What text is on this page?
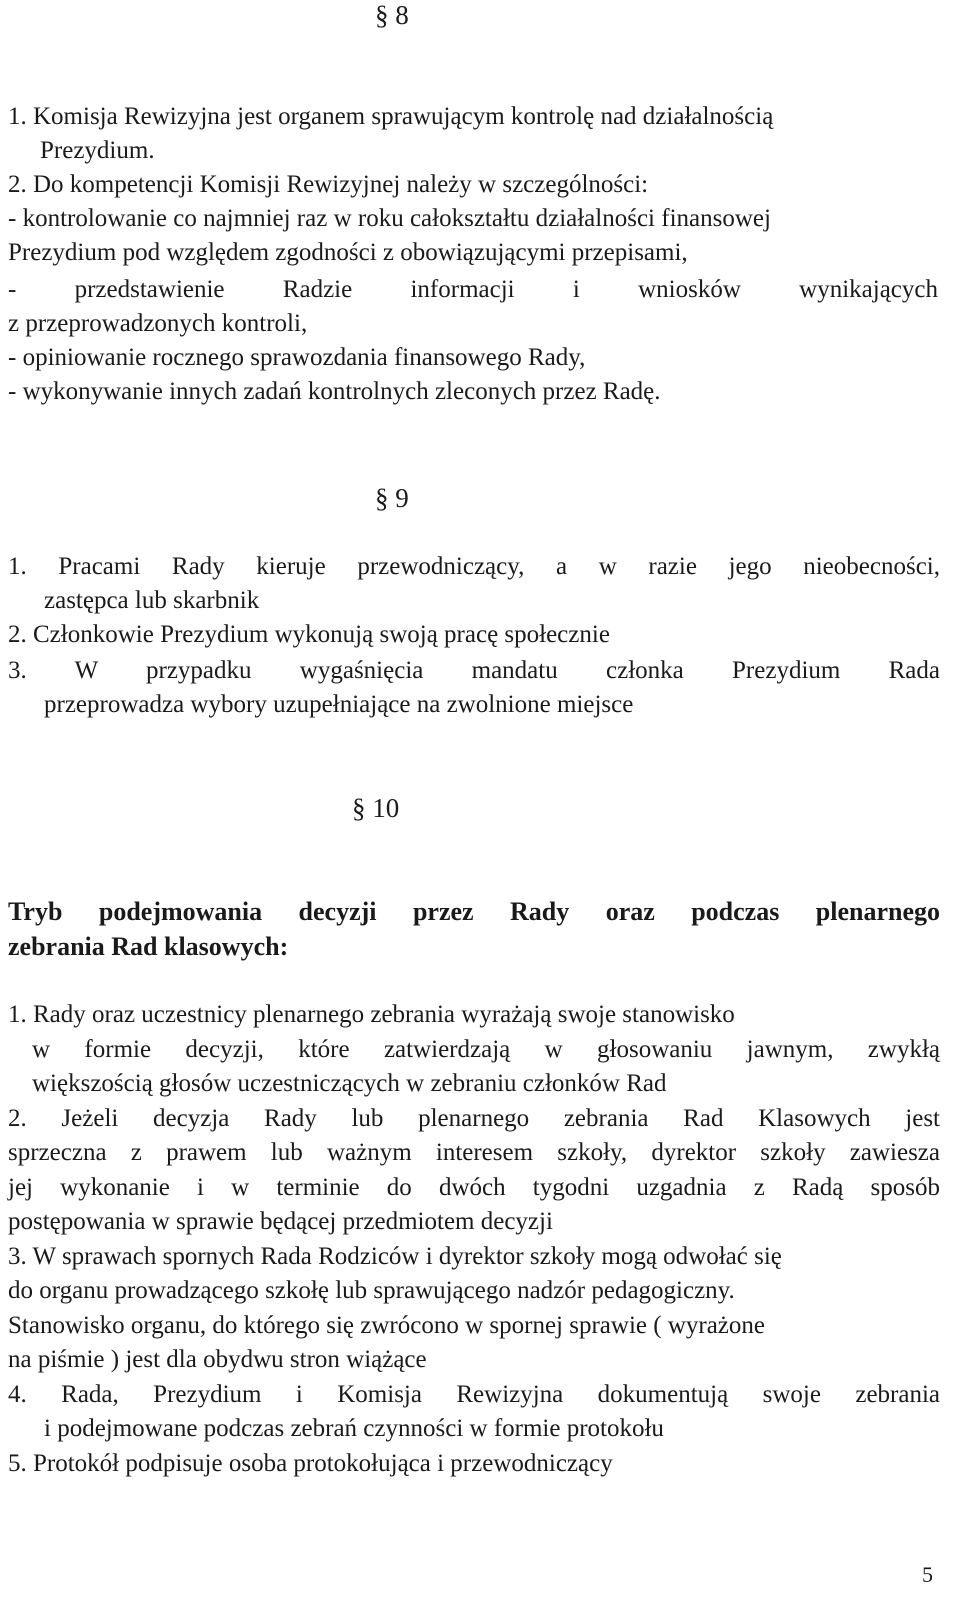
§ 8
1. Komisja Rewizyjna jest organem sprawującym kontrolę nad działalnością
Prezydium.
2. Do kompetencji Komisji Rewizyjnej należy w szczególności:
- kontrolowanie co najmniej raz w roku całokształtu działalności finansowej
Prezydium pod względem zgodności z obowiązującymi przepisami,
- przedstawienie Radzie informacji i wniosków wynikających
z przeprowadzonych kontroli,
- opiniowanie rocznego sprawozdania finansowego Rady,
- wykonywanie innych zadań kontrolnych zleconych przez Radę.
§ 9
1. Pracami Rady kieruje przewodniczący, a w razie jego nieobecności,
zastępca lub skarbnik
2. Członkowie Prezydium wykonują swoją pracę społecznie
3. W przypadku wygaśnięcia mandatu członka Prezydium Rada
przeprowadza wybory uzupełniające na zwolnione miejsce
§ 10
Tryb podejmowania decyzji przez Rady oraz podczas plenarnego
zebrania Rad klasowych:
1. Rady oraz uczestnicy plenarnego zebrania wyrażają swoje stanowisko
w formie decyzji, które zatwierdzają w głosowaniu jawnym, zwykłą
większością głosów uczestniczących w zebraniu członków Rad
2. Jeżeli decyzja Rady lub plenarnego zebrania Rad Klasowych jest
sprzeczna z prawem lub ważnym interesem szkoły, dyrektor szkoły zawiesza
jej wykonanie i w terminie do dwóch tygodni uzgadnia z Radą sposób
postępowania w sprawie będącej przedmiotem decyzji
3. W sprawach spornych Rada Rodziców i dyrektor szkoły mogą odwołać się
do organu prowadzącego szkołę lub sprawującego nadzór pedagogiczny.
Stanowisko organu, do którego się zwrócono w spornej sprawie ( wyrażone
na piśmie ) jest dla obydwu stron wiążące
4. Rada, Prezydium i Komisja Rewizyjna dokumentują swoje zebrania
i podejmowane podczas zebrań czynności w formie protokołu
5. Protokół podpisuje osoba protokołująca i przewodniczący
5
